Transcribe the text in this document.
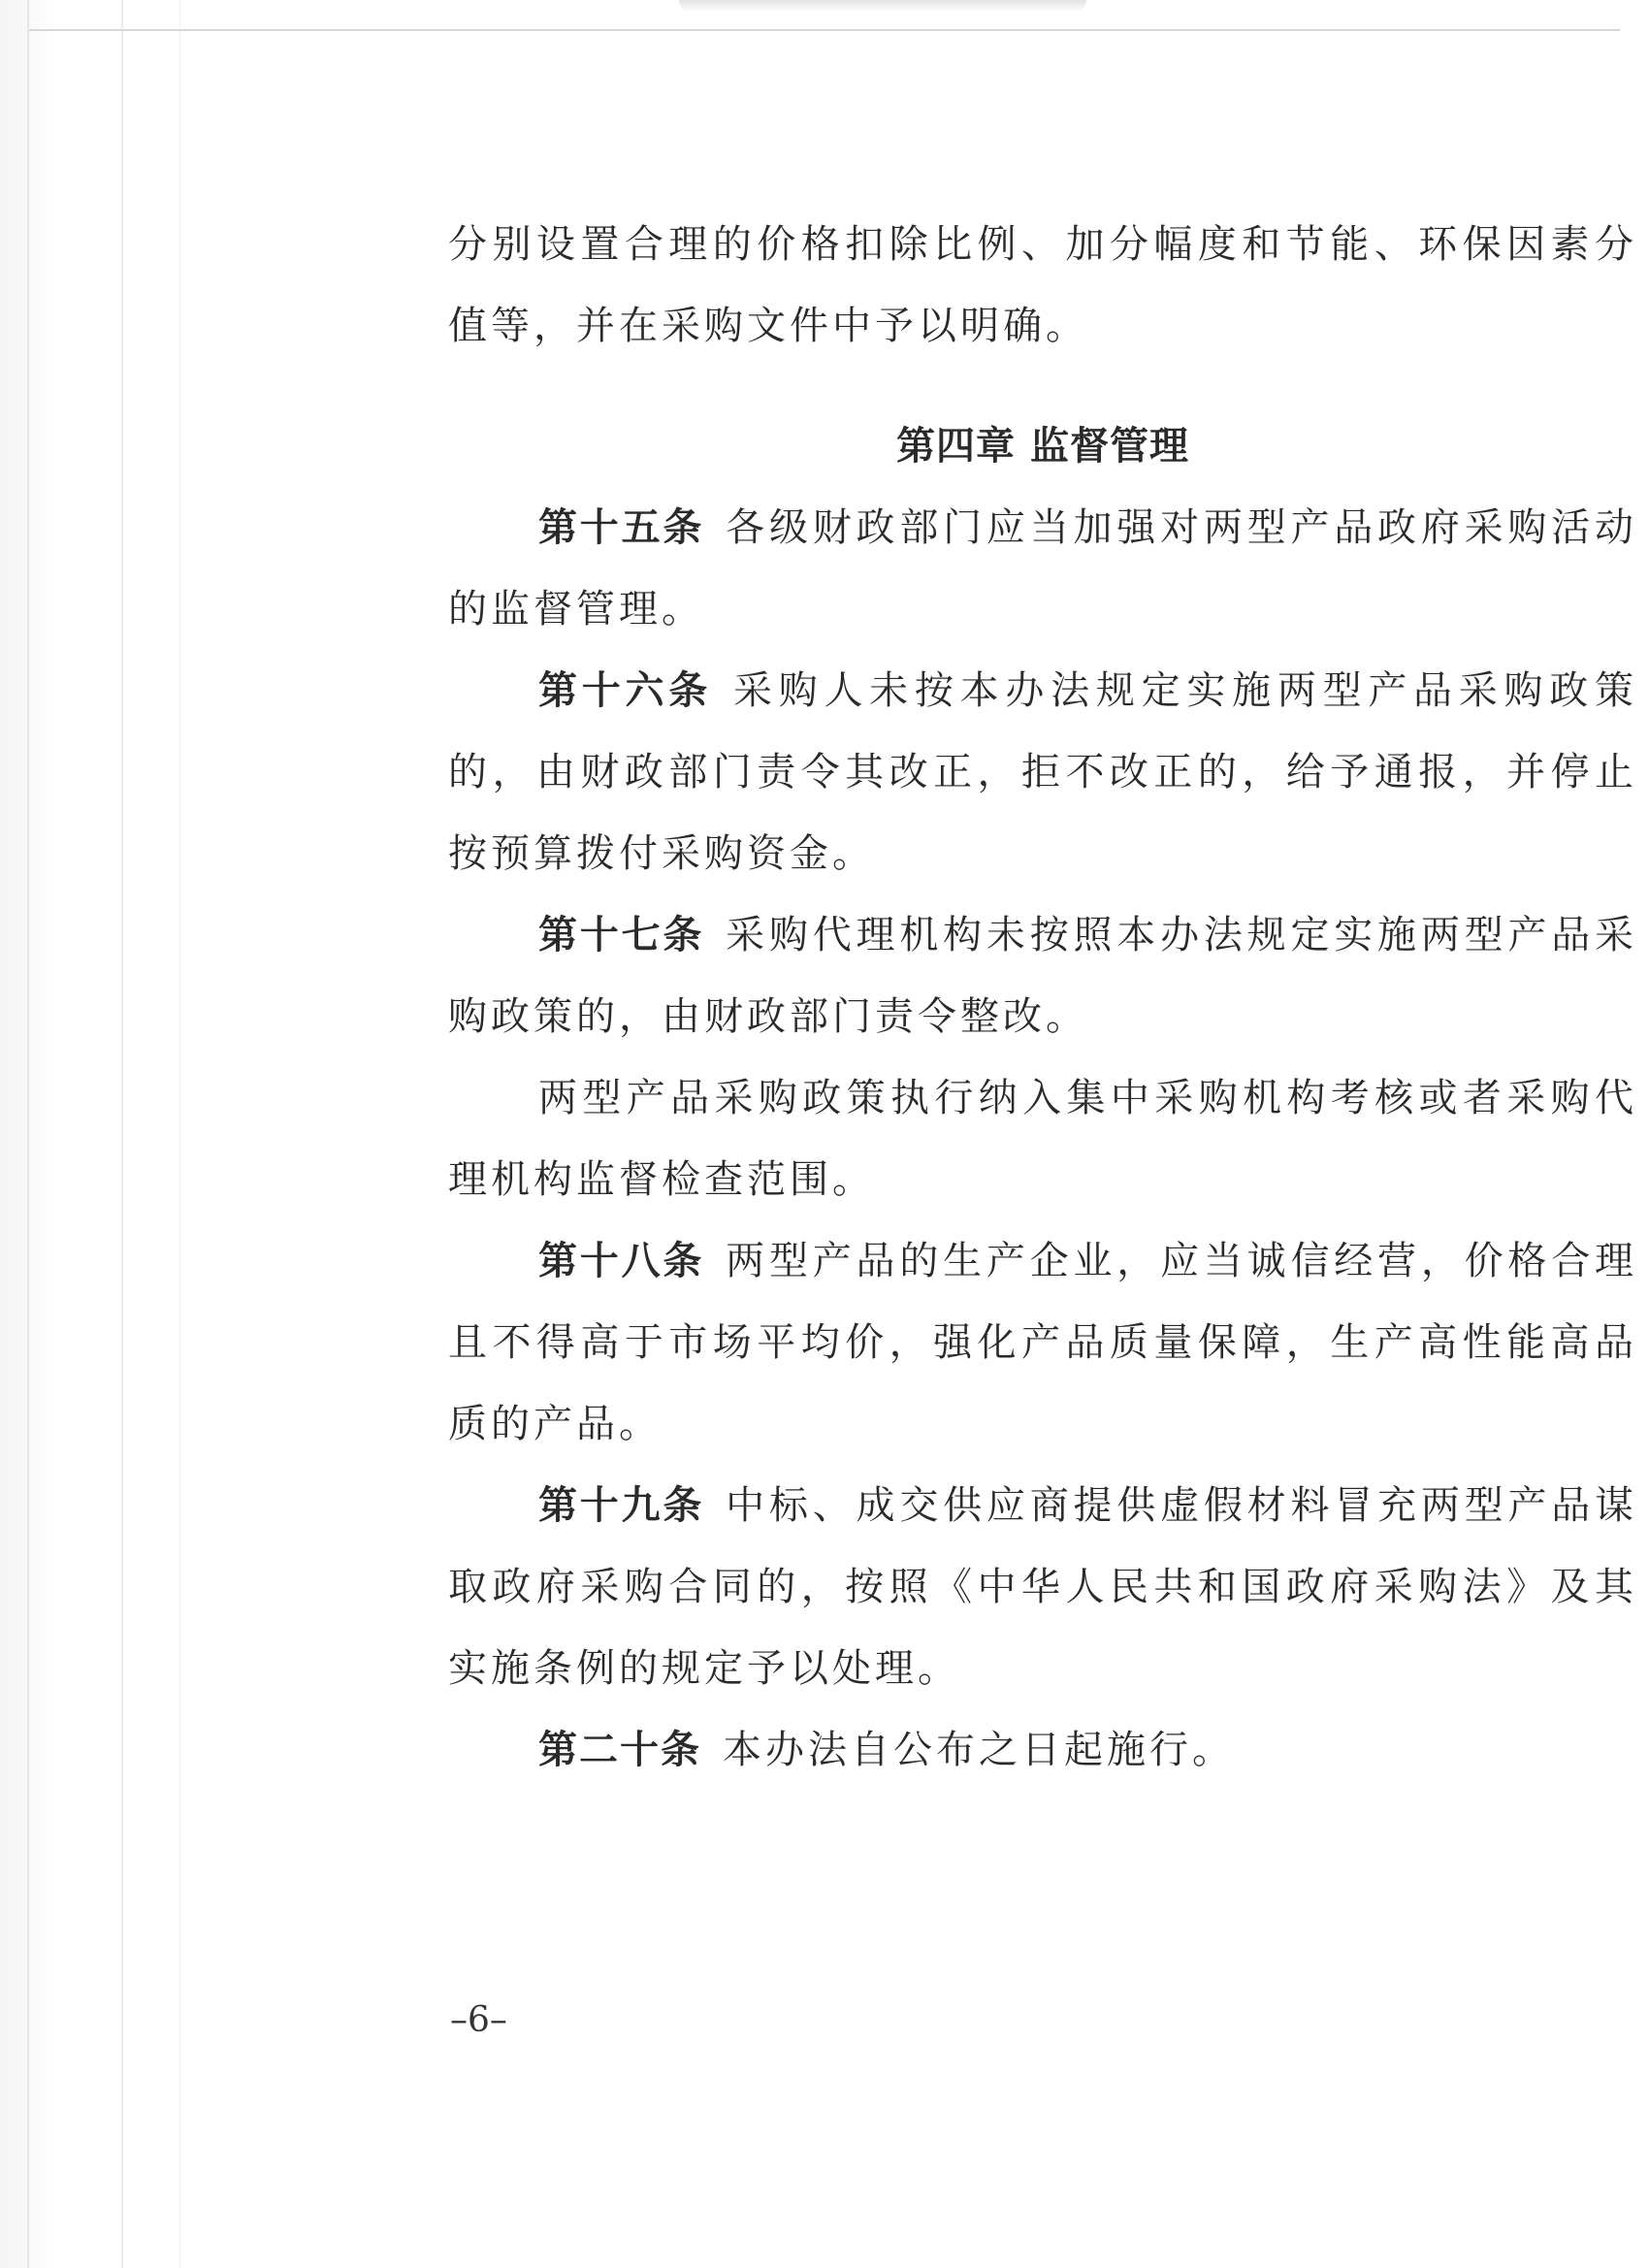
分别设置合理的价格扣除比例、加分幅度和节能、环保因素分值等，并在采购文件中予以明确。

第四章 监督管理

第十五条 各级财政部门应当加强对两型产品政府采购活动的监督管理。

第十六条 采购人未按本办法规定实施两型产品采购政策的，由财政部门责令其改正，拒不改正的，给予通报，并停止按预算拨付采购资金。

第十七条 采购代理机构未按照本办法规定实施两型产品采购政策的，由财政部门责令整改。

两型产品采购政策执行纳入集中采购机构考核或者采购代理机构监督检查范围。

第十八条 两型产品的生产企业，应当诚信经营，价格合理且不得高于市场平均价，强化产品质量保障，生产高性能高品质的产品。

第十九条 中标、成交供应商提供虚假材料冒充两型产品谋取政府采购合同的，按照《中华人民共和国政府采购法》及其实施条例的规定予以处理。

第二十条 本办法自公布之日起施行。

–6–
